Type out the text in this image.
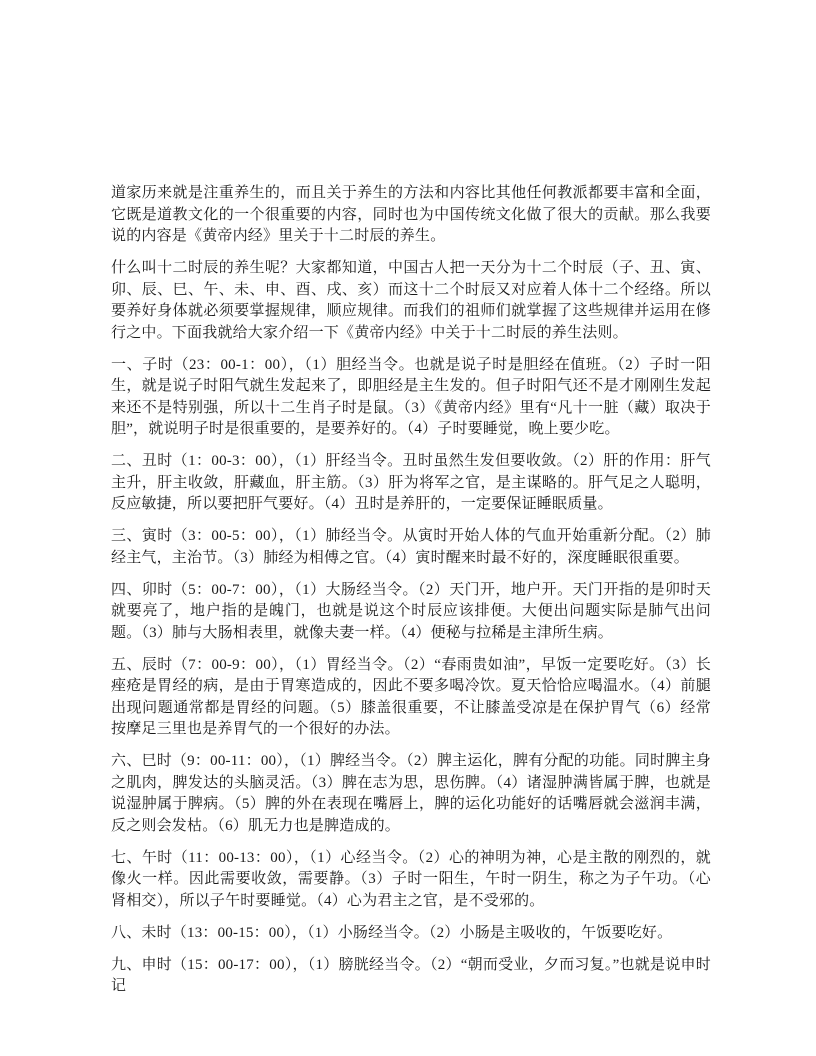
道家历来就是注重养生的，而且关于养生的方法和内容比其他任何教派都要丰富和全面，它既是道教文化的一个很重要的内容，同时也为中国传统文化做了很大的贡献。那么我要说的内容是《黄帝内经》里关于十二时辰的养生。

什么叫十二时辰的养生呢？大家都知道，中国古人把一天分为十二个时辰（子、丑、寅、卯、辰、巳、午、未、申、酉、戌、亥）而这十二个时辰又对应着人体十二个经络。所以要养好身体就必须要掌握规律，顺应规律。而我们的祖师们就掌握了这些规律并运用在修行之中。下面我就给大家介绍一下《黄帝内经》中关于十二时辰的养生法则。

一、子时（23：00-1：00），（1）胆经当令。也就是说子时是胆经在值班。（2）子时一阳生，就是说子时阳气就生发起来了，即胆经是主生发的。但子时阳气还不是才刚刚生发起来还不是特别强，所以十二生肖子时是鼠。（3）《黄帝内经》里有“凡十一脏（藏）取决于胆”，就说明子时是很重要的，是要养好的。（4）子时要睡觉，晚上要少吃。

二、丑时（1：00-3：00），（1）肝经当令。丑时虽然生发但要收敛。（2）肝的作用：肝气主升，肝主收敛，肝藏血，肝主筋。（3）肝为将军之官，是主谋略的。肝气足之人聪明，反应敏捷，所以要把肝气要好。（4）丑时是养肝的，一定要保证睡眠质量。

三、寅时（3：00-5：00），（1）肺经当令。从寅时开始人体的气血开始重新分配。（2）肺经主气，主治节。（3）肺经为相傅之官。（4）寅时醒来时最不好的，深度睡眠很重要。

四、卯时（5：00-7：00），（1）大肠经当令。（2）天门开，地户开。天门开指的是卯时天就要亮了，地户指的是魄门，也就是说这个时辰应该排便。大便出问题实际是肺气出问题。（3）肺与大肠相表里，就像夫妻一样。（4）便秘与拉稀是主津所生病。

五、辰时（7：00-9：00），（1）胃经当令。（2）“春雨贵如油”，早饭一定要吃好。（3）长痤疮是胃经的病，是由于胃寒造成的，因此不要多喝冷饮。夏天恰恰应喝温水。（4）前腿出现问题通常都是胃经的问题。（5）膝盖很重要，不让膝盖受凉是在保护胃气（6）经常按摩足三里也是养胃气的一个很好的办法。

六、巳时（9：00-11：00），（1）脾经当令。（2）脾主运化，脾有分配的功能。同时脾主身之肌肉，脾发达的头脑灵活。（3）脾在志为思，思伤脾。（4）诸湿肿满皆属于脾，也就是说湿肿属于脾病。（5）脾的外在表现在嘴唇上，脾的运化功能好的话嘴唇就会滋润丰满，反之则会发枯。（6）肌无力也是脾造成的。

七、午时（11：00-13：00），（1）心经当令。（2）心的神明为神，心是主散的刚烈的，就像火一样。因此需要收敛，需要静。（3）子时一阳生，午时一阴生，称之为子午功。（心肾相交），所以子午时要睡觉。（4）心为君主之官，是不受邪的。

八、未时（13：00-15：00），（1）小肠经当令。（2）小肠是主吸收的，午饭要吃好。

九、申时（15：00-17：00），（1）膀胱经当令。（2）“朝而受业，夕而习复。”也就是说申时记
